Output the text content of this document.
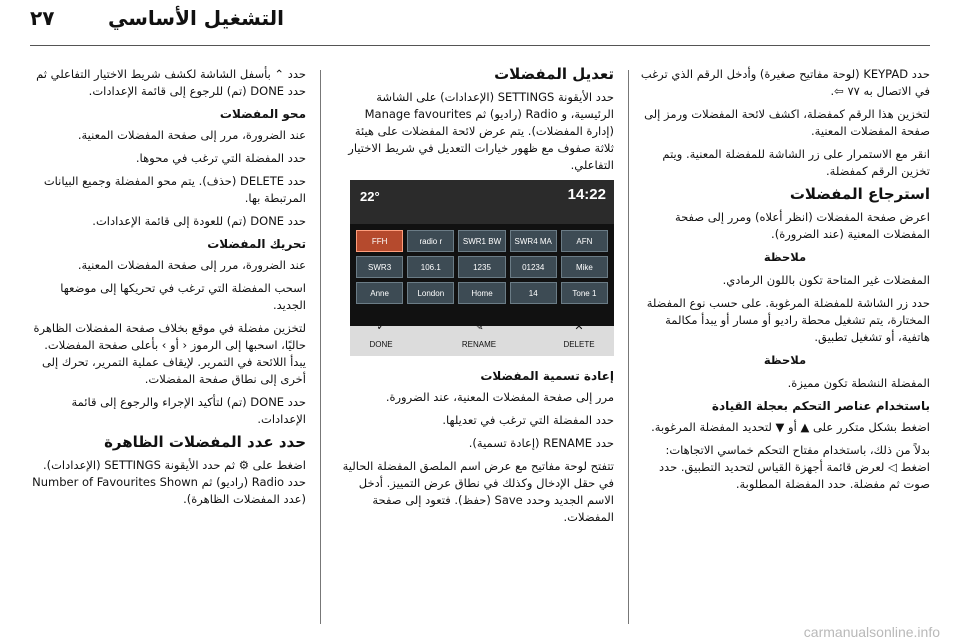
٢٧	التشغيل الأساسي

حدد KEYPAD (لوحة مفاتيح صغيرة) وأدخل الرقم الذي ترغب في الاتصال به ٧٧ ⇦.

لتخزين هذا الرقم كمفضلة، اكشف لائحة المفضلات ورمز إلى صفحة المفضلات المعنية.

انقر مع الاستمرار على زر الشاشة للمفضلة المعنية. ويتم تخزين الرقم كمفضلة.

استرجاع المفضلات

اعرض صفحة المفضلات (انظر أعلاه) ومرر إلى صفحة المفضلات المعنية (عند الضرورة).

ملاحظة

المفضلات غير المتاحة تكون باللون الرمادي.

حدد زر الشاشة للمفضلة المرغوبة. على حسب نوع المفضلة المختارة، يتم تشغيل محطة راديو أو مسار أو يبدأ مكالمة هاتفية، أو تشغيل تطبيق.

ملاحظة

المفضلة النشطة تكون مميزة.

باستخدام عناصر التحكم بعجلة القيادة

اضغط بشكل متكرر على ▲ أو ▼ لتحديد المفضلة المرغوبة.

بدلاً من ذلك، باستخدام مفتاح التحكم خماسي الاتجاهات: اضغط ◁ لعرض قائمة أجهزة القياس لتحديد التطبيق. حدد صوت ثم مفضلة. حدد المفضلة المطلوبة.

تعديل المفضلات

حدد الأيقونة SETTINGS (الإعدادات) على الشاشة الرئيسية، و Radio (راديو) ثم Manage favourites (إدارة المفضلات). يتم عرض لائحة المفضلات على هيئة ثلاثة صفوف مع ظهور خيارات التعديل في شريط الاختيار التفاعلي.

22°	14:22
FFH	radio r	SWR1 BW	SWR4 MA	AFN
SWR3	106.1	1235	01234	Mike
Anne	London	Home	14	Tone 1
✓
DONE
✎
RENAME
✕
DELETE
إعادة تسمية المفضلات

مرر إلى صفحة المفضلات المعنية، عند الضرورة.

حدد المفضلة التي ترغب في تعديلها.

حدد RENAME (إعادة تسمية).

تتفتح لوحة مفاتيح مع عرض اسم الملصق المفضلة الحالية في حقل الإدخال وكذلك في نطاق عرض التمييز. أدخل الاسم الجديد وحدد Save (حفظ). فتعود إلى صفحة المفضلات.

حدد ⌃ بأسفل الشاشة لكشف شريط الاختيار التفاعلي ثم حدد DONE (تم) للرجوع إلى قائمة الإعدادات.

محو المفضلات

عند الضرورة، مرر إلى صفحة المفضلات المعنية.

حدد المفضلة التي ترغب في محوها.

حدد DELETE (حذف). يتم محو المفضلة وجميع البيانات المرتبطة بها.

حدد DONE (تم) للعودة إلى قائمة الإعدادات.

تحريك المفضلات

عند الضرورة، مرر إلى صفحة المفضلات المعنية.

اسحب المفضلة التي ترغب في تحريكها إلى موضعها الجديد.

لتخزين مفضلة في موقع بخلاف صفحة المفضلات الظاهرة حاليًا، اسحبها إلى الرموز ‹ أو › بأعلى صفحة المفضلات. يبدأ اللائحة في التمرير. لإيقاف عملية التمرير، تحرك إلى أخرى إلى نطاق صفحة المفضلات.

حدد DONE (تم) لتأكيد الإجراء والرجوع إلى قائمة الإعدادات.

حدد عدد المفضلات الظاهرة

اضغط على ⚙ ثم حدد الأيقونة SETTINGS (الإعدادات). حدد Radio (راديو) ثم Number of Favourites Shown (عدد المفضلات الظاهرة).

carmanualsonline.info
